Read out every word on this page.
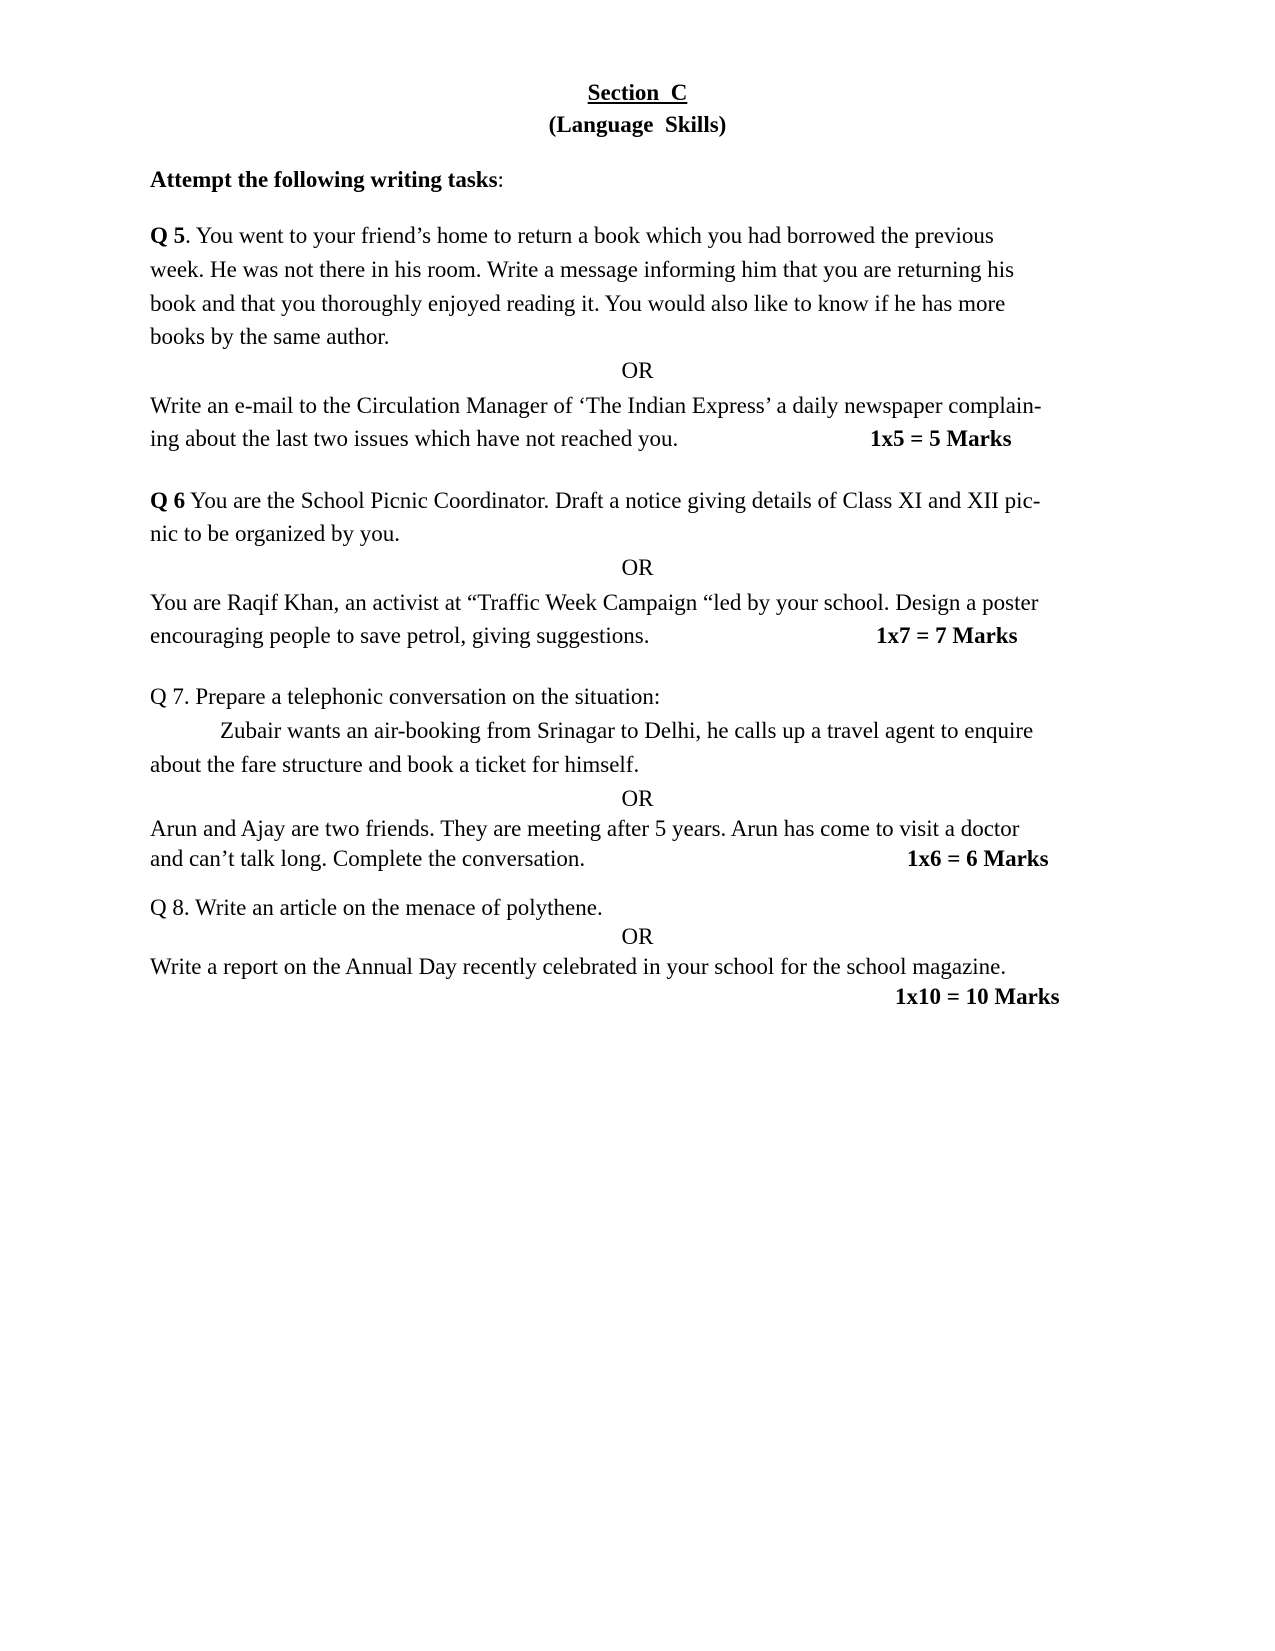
Section  C
(Language  Skills)
Attempt the following writing tasks:
Q 5. You went to your friend’s home to return a book which you had borrowed the previous
week. He was not there in his room. Write a message informing him that you are returning his
book and that you thoroughly enjoyed reading it. You would also like to know if he has more
books by the same author.
OR
Write an e-mail to the Circulation Manager of ‘The Indian Express’ a daily newspaper complain-
ing about the last two issues which have not reached you.	1x5 = 5 Marks
Q 6 You are the School Picnic Coordinator. Draft a notice giving details of Class XI and XII pic-
nic to be organized by you.
OR
You are Raqif Khan, an activist at “Traffic Week Campaign “led by your school. Design a poster
encouraging people to save petrol, giving suggestions.	1x7 = 7 Marks
Q 7. Prepare a telephonic conversation on the situation:
Zubair wants an air-booking from Srinagar to Delhi, he calls up a travel agent to enquire
about the fare structure and book a ticket for himself.
OR
Arun and Ajay are two friends. They are meeting after 5 years. Arun has come to visit a doctor
and can’t talk long. Complete the conversation.	1x6 = 6 Marks
Q 8. Write an article on the menace of polythene.
OR
Write a report on the Annual Day recently celebrated in your school for the school magazine.
1x10 = 10 Marks
